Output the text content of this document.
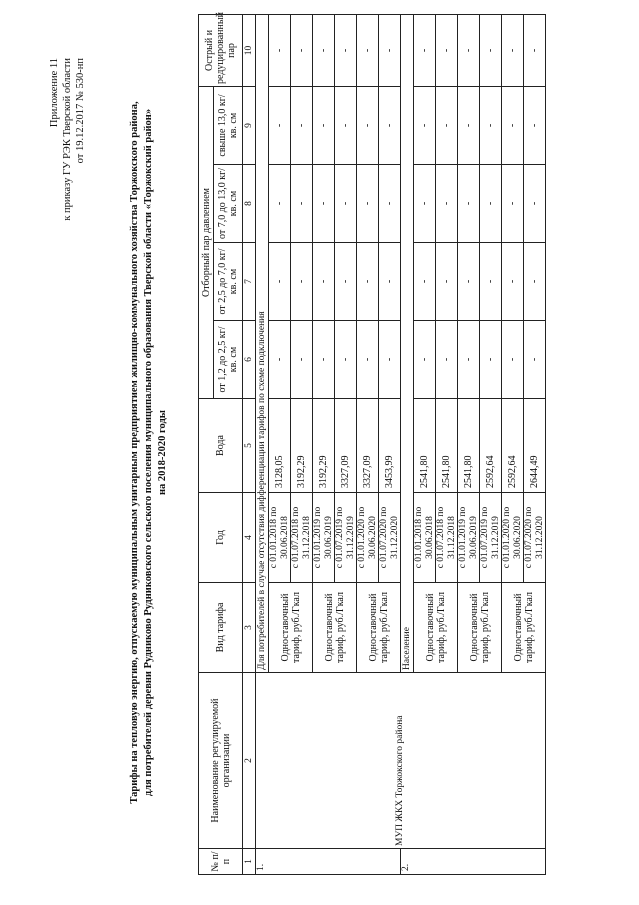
Приложение 11 к приказу ГУ РЭК Тверской области от 19.12.2017 № 530-нп	Тарифы на тепловую энергию, отпускаемую муниципальным унитарным предприятием жилищно-коммунального хозяйства Торжокского района, для потребителей деревни Рудниково Рудниковского сельского поселения муниципального образования Тверской области «Торжокский район» на 2018-2020 годы
№ п/п	Наименование регулируемой организации	Вид тарифа	Год	Вода	Отборный пар давлением				Острый и редуцированный пар
					от 1,2 до 2,5 кг/кв. см	от 2,5 до 7,0 кг/кв. см	от 7,0 до 13,0 кг/кв. см	свыше 13,0 кг/кв. см	
1	2	3	4	5	6	7	8	9	10
1.	МУП ЖКХ Торжокского района	Для потребителей в случае отсутствия дифференциации тарифов по схеме подключения							
		Одноставочный тариф, руб./Гкал	с 01.01.2018 по 30.06.2018	3128,05	-	-	-	-	-
			с 01.07.2018 по 31.12.2018	3192,29	-	-	-	-	-
		Одноставочный тариф, руб./Гкал	с 01.01.2019 по 30.06.2019	3192,29	-	-	-	-	-
			с 01.07.2019 по 31.12.2019	3327,09	-	-	-	-	-
		Одноставочный тариф, руб./Гкал	с 01.01.2020 по 30.06.2020	3327,09	-	-	-	-	-
			с 01.07.2020 по 31.12.2020	3453,99	-	-	-	-	-
2.		Население							
		Одноставочный тариф, руб./Гкал	с 01.01.2018 по 30.06.2018	2541,80	-	-	-	-	-
			с 01.07.2018 по 31.12.2018	2541,80	-	-	-	-	-
		Одноставочный тариф, руб./Гкал	с 01.01.2019 по 30.06.2019	2541,80	-	-	-	-	-
			с 01.07.2019 по 31.12.2019	2592,64	-	-	-	-	-
		Одноставочный тариф, руб./Гкал	с 01.01.2020 по 30.06.2020	2592,64	-	-	-	-	-
			с 01.07.2020 по 31.12.2020	2644,49	-	-	-	-	-
